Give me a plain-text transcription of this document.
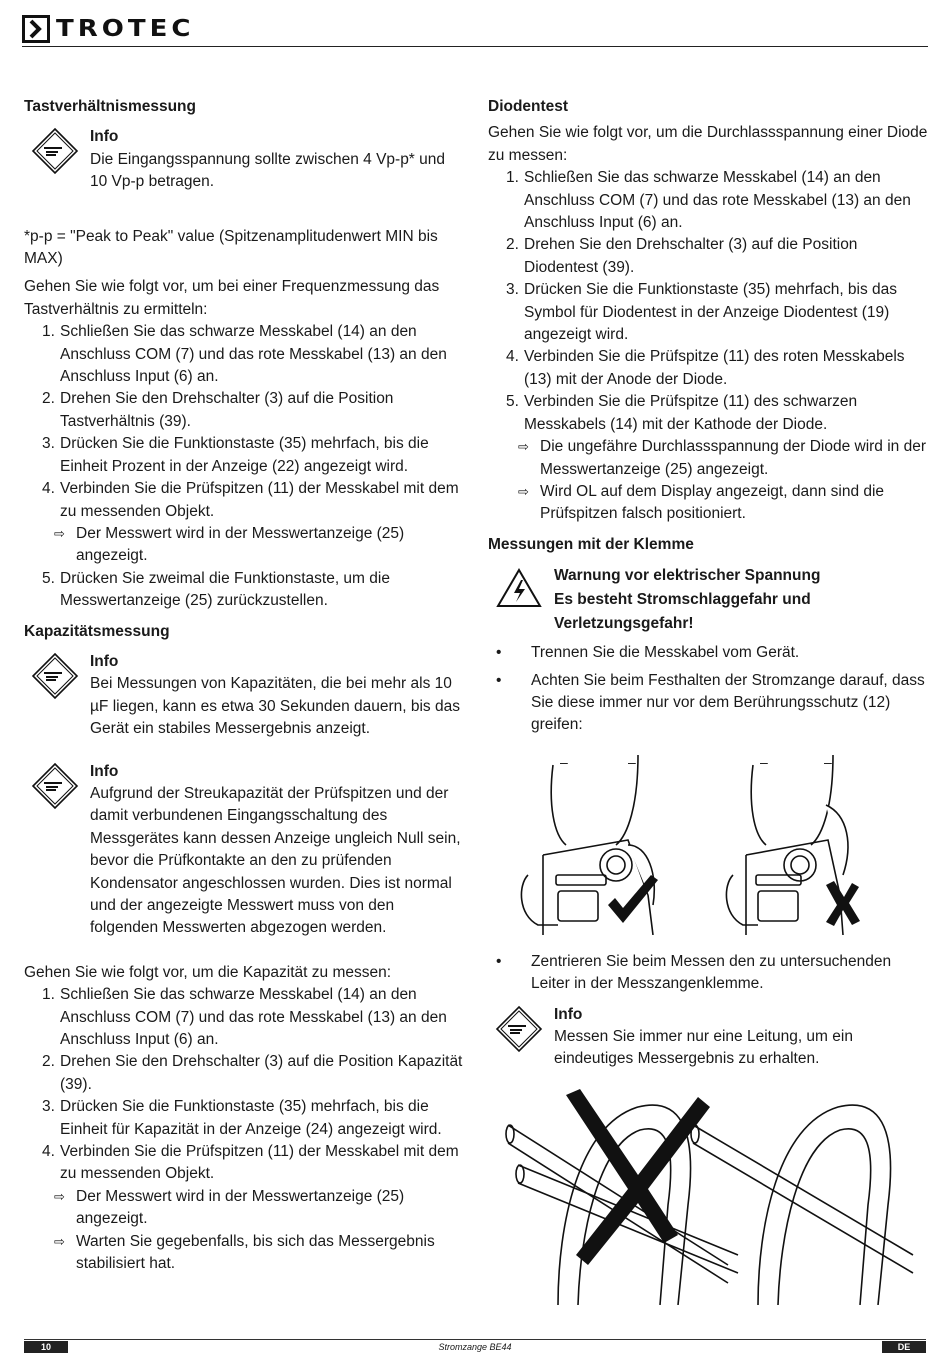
TROTEC
Tastverhältnismessung
Info
Die Eingangsspannung sollte zwischen 4 Vp-p* und 10 Vp-p betragen.

*p-p = "Peak to Peak" value (Spitzenamplitudenwert MIN bis MAX)

Gehen Sie wie folgt vor, um bei einer Frequenzmessung das Tastverhältnis zu ermitteln:

1. Schließen Sie das schwarze Messkabel (14) an den Anschluss COM (7) und das rote Messkabel (13) an den Anschluss Input (6) an.
2. Drehen Sie den Drehschalter (3) auf die Position Tastverhältnis (39).
3. Drücken Sie die Funktionstaste (35) mehrfach, bis die Einheit Prozent in der Anzeige (22) angezeigt wird.
4. Verbinden Sie die Prüfspitzen (11) der Messkabel mit dem zu messenden Objekt.
⇨ Der Messwert wird in der Messwertanzeige (25) angezeigt.
5. Drücken Sie zweimal die Funktionstaste, um die Messwertanzeige (25) zurückzustellen.
Kapazitätsmessung
Info
Bei Messungen von Kapazitäten, die bei mehr als 10 µF liegen, kann es etwa 30 Sekunden dauern, bis das Gerät ein stabiles Messergebnis anzeigt.
Info
Aufgrund der Streukapazität der Prüfspitzen und der damit verbundenen Eingangsschaltung des Messgerätes kann dessen Anzeige ungleich Null sein, bevor die Prüfkontakte an den zu prüfenden Kondensator angeschlossen wurden. Dies ist normal und der angezeigte Messwert muss von den folgenden Messwerten abgezogen werden.

Gehen Sie wie folgt vor, um die Kapazität zu messen:

1. Schließen Sie das schwarze Messkabel (14) an den Anschluss COM (7) und das rote Messkabel (13) an den Anschluss Input (6) an.
2. Drehen Sie den Drehschalter (3) auf die Position Kapazität (39).
3. Drücken Sie die Funktionstaste (35) mehrfach, bis die Einheit für Kapazität in der Anzeige (24) angezeigt wird.
4. Verbinden Sie die Prüfspitzen (11) der Messkabel mit dem zu messenden Objekt.
⇨ Der Messwert wird in der Messwertanzeige (25) angezeigt.
⇨ Warten Sie gegebenfalls, bis sich das Messergebnis stabilisiert hat.
Diodentest

Gehen Sie wie folgt vor, um die Durchlassspannung einer Diode zu messen:

1. Schließen Sie das schwarze Messkabel (14) an den Anschluss COM (7) und das rote Messkabel (13) an den Anschluss Input (6) an.
2. Drehen Sie den Drehschalter (3) auf die Position Diodentest (39).
3. Drücken Sie die Funktionstaste (35) mehrfach, bis das Symbol für Diodentest in der Anzeige Diodentest (19) angezeigt wird.
4. Verbinden Sie die Prüfspitze (11) des roten Messkabels (13) mit der Anode der Diode.
5. Verbinden Sie die Prüfspitze (11) des schwarzen Messkabels (14) mit der Kathode der Diode.
⇨ Die ungefähre Durchlassspannung der Diode wird in der Messwertanzeige (25) angezeigt.
⇨ Wird OL auf dem Display angezeigt, dann sind die Prüfspitzen falsch positioniert.
Messungen mit der Klemme
Warnung vor elektrischer Spannung
Es besteht Stromschlaggefahr und Verletzungsgefahr!
•	Trennen Sie die Messkabel vom Gerät.
•	Achten Sie beim Festhalten der Stromzange darauf, dass Sie diese immer nur vor dem Berührungsschutz (12) greifen:
–	–	–	–
•	Zentrieren Sie beim Messen den zu untersuchenden Leiter in der Messzangenklemme.
Info
Messen Sie immer nur eine Leitung, um ein eindeutiges Messergebnis zu erhalten.
10	Stromzange BE44	DE
